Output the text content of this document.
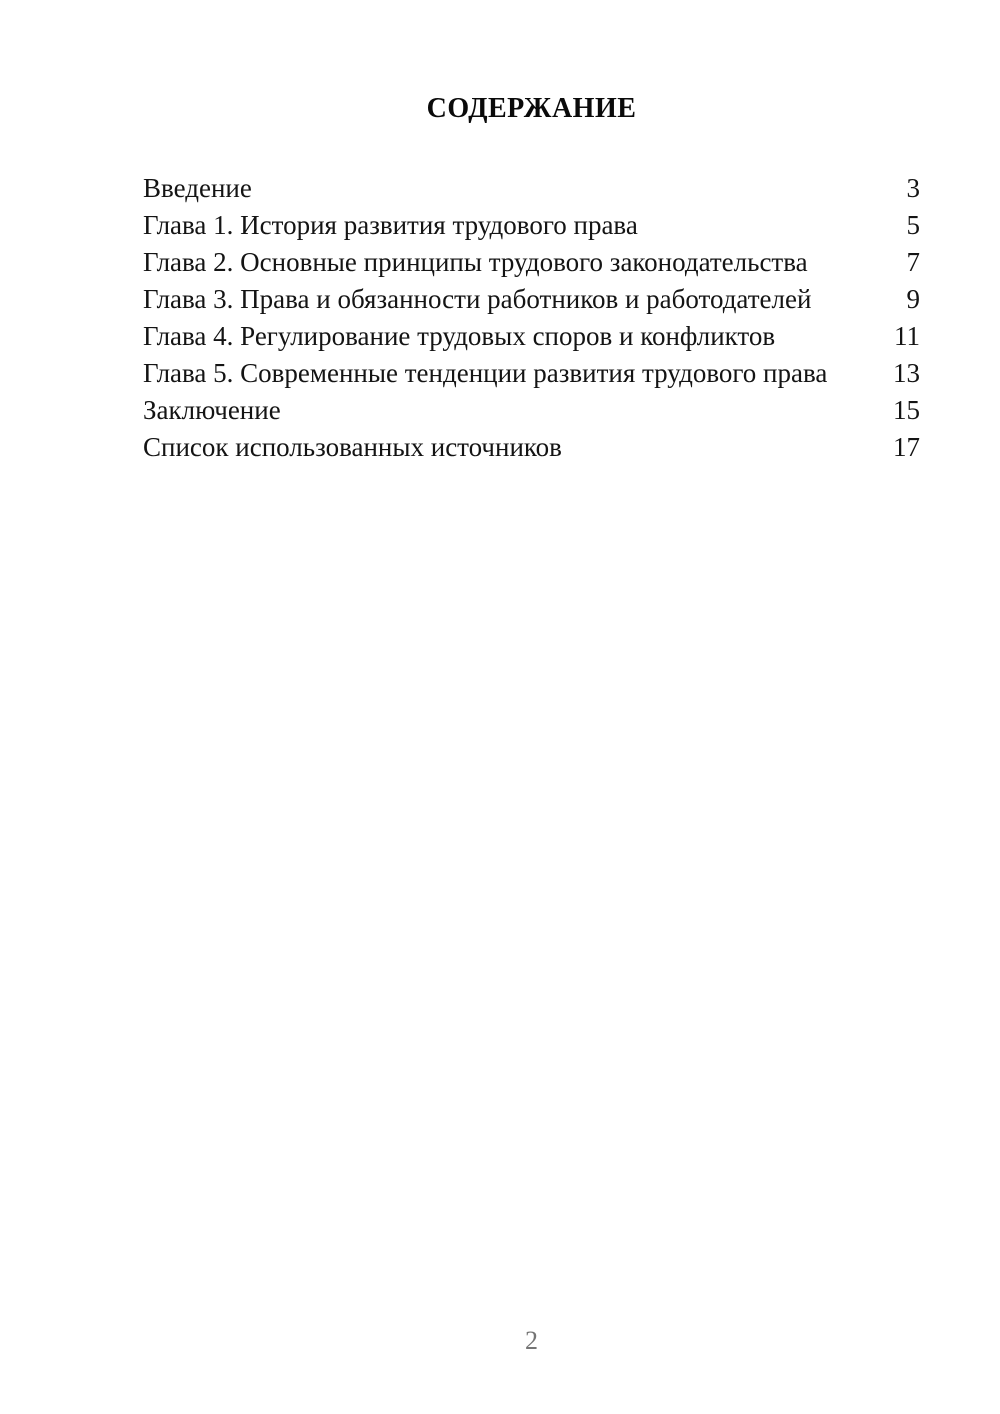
СОДЕРЖАНИЕ
Введение	3
Глава 1. История развития трудового права	5
Глава 2. Основные принципы трудового законодательства	7
Глава 3. Права и обязанности работников и работодателей	9
Глава 4. Регулирование трудовых споров и конфликтов	11
Глава 5. Современные тенденции развития трудового права	13
Заключение	15
Список использованных источников	17
2
